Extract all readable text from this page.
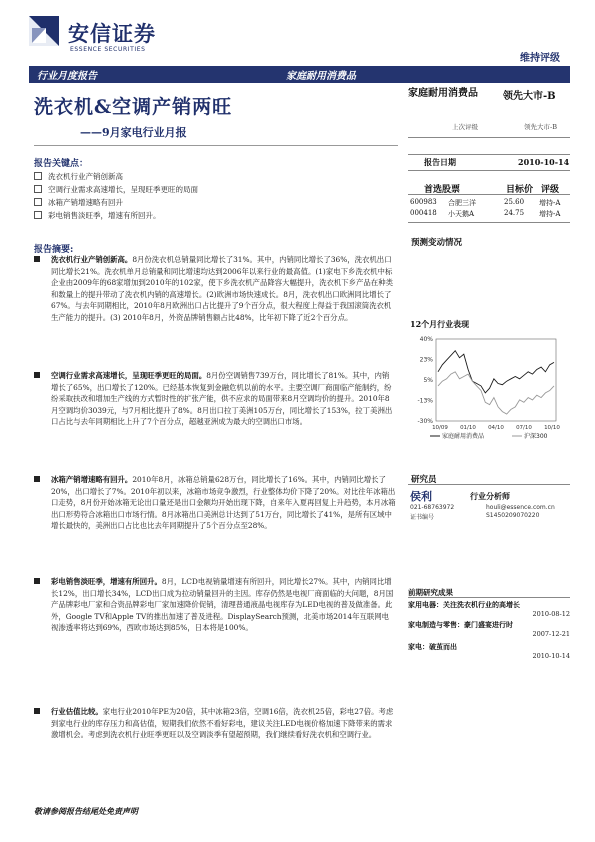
安信证券
ESSENCE SECURITIES
维持评级
行业月度报告	家庭耐用消费品
洗衣机&空调产销两旺
——9月家电行业月报
报告关键点：
洗衣机行业产销创新高
空调行业需求高速增长，呈现旺季更旺的局面
冰箱产销增速略有回升
彩电销售淡旺季，增速有所回升。
报告摘要:
洗衣机行业产销创新高。8月份洗衣机总销量同比增长了31%。其中，内销同比增长了36%，洗衣机出口同比增长21%。洗衣机单月总销量和同比增速均达到2006年以来行业的最高值。(1)家电下乡洗衣机中标企业由2009年的68家增加到2010年的102家，使下乡洗衣机产品降容大幅提升，洗衣机下乡产品在种类和数量上的提升带动了洗衣机内销的高速增长。(2)欧洲市场快速成长。8月，洗衣机出口欧洲同比增长了67%。与去年同期相比，2010年8月欧洲出口占比提升了9个百分点，很大程度上得益于我国滚筒洗衣机生产能力的提升。(3) 2010年8月，外资品牌销售额占比48%，比年初下降了近2个百分点。
空调行业需求高速增长，呈现旺季更旺的局面。8月份空调销售739万台，同比增长了81%。其中，内销增长了65%，出口增长了120%。已经基本恢复到金融危机以前的水平。主要空调厂商面临产能制约，纷纷采取扶改和增加生产线的方式暂时性的扩张产能，供不应求的局面带来8月空调均价的提升。2010年8月空调均价3039元，与7月相比提升了8%。8月出口拉丁美洲105万台，同比增长了153%，拉丁美洲出口占比与去年同期相比上升了7个百分点，超越亚洲成为最大的空调出口市场。
冰箱产销增速略有回升。2010年8月，冰箱总销量628万台，同比增长了16%。其中，内销同比增长了20%，出口增长了7%。2010年初以来，冰箱市场竞争激烈，行业整体均价下降了20%。对比往年冰箱出口走势，8月份开始冰箱无论出口量还是出口金额均开始出现下降，自来年入夏再回复上升趋势，本月冰箱出口形势符合冰箱出口市场行情。8月冰箱出口美洲总计达到了51万台，同比增长了41%，是所有区域中增长最快的，美洲出口占比也比去年同期提升了5个百分点至28%。
彩电销售淡旺季，增速有所回升。8月，LCD电视销量增速有所回升，同比增长27%。其中，内销同比增长12%，出口增长34%，LCD出口成为拉动销量回升的主因。库存仍然是电视厂商面临的大问题，8月国产品牌彩电厂家和合资品牌彩电厂家加速降价促销，清理普通液晶电视库存为LED电视的普及做准备。此外，Google TV和Apple TV的推出加速了普及进程。DisplaySearch预测，北美市场2014年互联网电视渗透率将达到69%，西欧市场达到85%，日本将是100%。
行业估值比较。家电行业2010年PE为20倍，其中冰箱23倍，空调16倍，洗衣机25倍，彩电27倍。考虑到家电行业的库存压力和高估值，短期我们依然不看好彩电，建议关注LED电视价格加速下降带来的需求激增机会。考虑到洗衣机行业旺季更旺以及空调淡季有望超预期，我们继续看好洗衣机和空调行业。
敬请参阅报告结尾处免责声明
家庭耐用消费品	领先大市-B
上次评级	领先大市-B
报告日期	2010-10-14
首选股票	目标价 评级
600983 合肥三洋	25.60 增持-A
000418 小天鹅A	24.75 增持-A
预测变动情况
12个月行业表现
-30%
-13%
5%
23%
40%
10/09 01/10 04/10 07/10 10/10
家庭耐用消费品	沪深300
研究员
侯利	行业分析师
021-68763972	houli@essence.com.cn
证书编号	S1450209070220
前期研究成果
家用电器：关注洗衣机行业的高增长
2010-08-12
家电制造与零售：豪门盛宴进行时
2007-12-21
家电：破茧而出
2010-10-14
